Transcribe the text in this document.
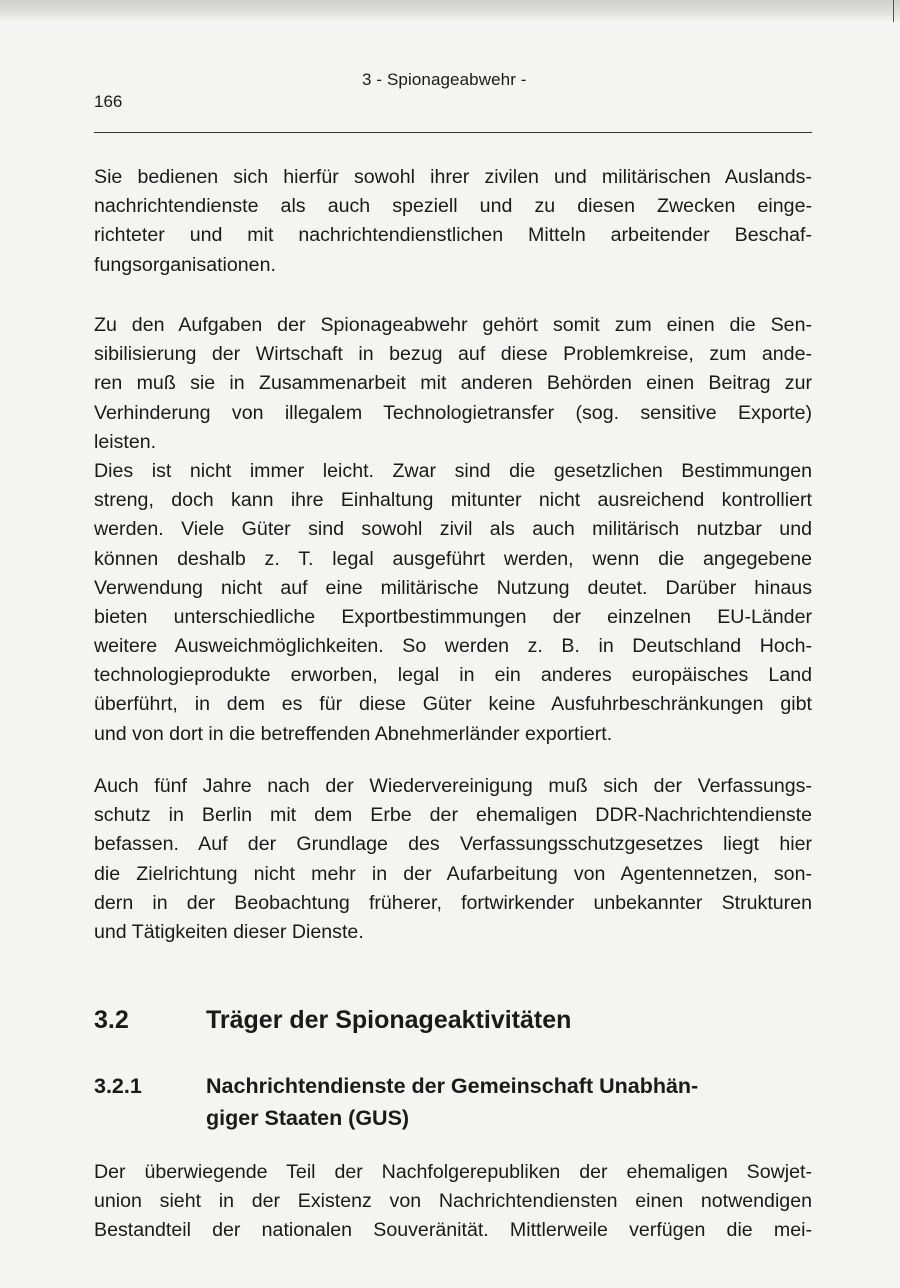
3 - Spionageabwehr -
166

Sie bedienen sich hierfür sowohl ihrer zivilen und militärischen Auslands-
nachrichtendienste als auch speziell und zu diesen Zwecken einge-
richteter und mit nachrichtendienstlichen Mitteln arbeitender Beschaf-
fungsorganisationen.

Zu den Aufgaben der Spionageabwehr gehört somit zum einen die Sen-
sibilisierung der Wirtschaft in bezug auf diese Problemkreise, zum ande-
ren muß sie in Zusammenarbeit mit anderen Behörden einen Beitrag zur
Verhinderung von illegalem Technologietransfer (sog. sensitive Exporte)
leisten.
Dies ist nicht immer leicht. Zwar sind die gesetzlichen Bestimmungen
streng, doch kann ihre Einhaltung mitunter nicht ausreichend kontrolliert
werden. Viele Güter sind sowohl zivil als auch militärisch nutzbar und
können deshalb z. T. legal ausgeführt werden, wenn die angegebene
Verwendung nicht auf eine militärische Nutzung deutet. Darüber hinaus
bieten unterschiedliche Exportbestimmungen der einzelnen EU-Länder
weitere Ausweichmöglichkeiten. So werden z. B. in Deutschland Hoch-
technologieprodukte erworben, legal in ein anderes europäisches Land
überführt, in dem es für diese Güter keine Ausfuhrbeschränkungen gibt
und von dort in die betreffenden Abnehmerländer exportiert.

Auch fünf Jahre nach der Wiedervereinigung muß sich der Verfassungs-
schutz in Berlin mit dem Erbe der ehemaligen DDR-Nachrichtendienste
befassen. Auf der Grundlage des Verfassungsschutzgesetzes liegt hier
die Zielrichtung nicht mehr in der Aufarbeitung von Agentennetzen, son-
dern in der Beobachtung früherer, fortwirkender unbekannter Strukturen
und Tätigkeiten dieser Dienste.

3.2	Träger der Spionageaktivitäten
3.2.1	Nachrichtendienste der Gemeinschaft Unabhän-
giger Staaten (GUS)

Der überwiegende Teil der Nachfolgerepubliken der ehemaligen Sowjet-
union sieht in der Existenz von Nachrichtendiensten einen notwendigen
Bestandteil der nationalen Souveränität. Mittlerweile verfügen die mei-
